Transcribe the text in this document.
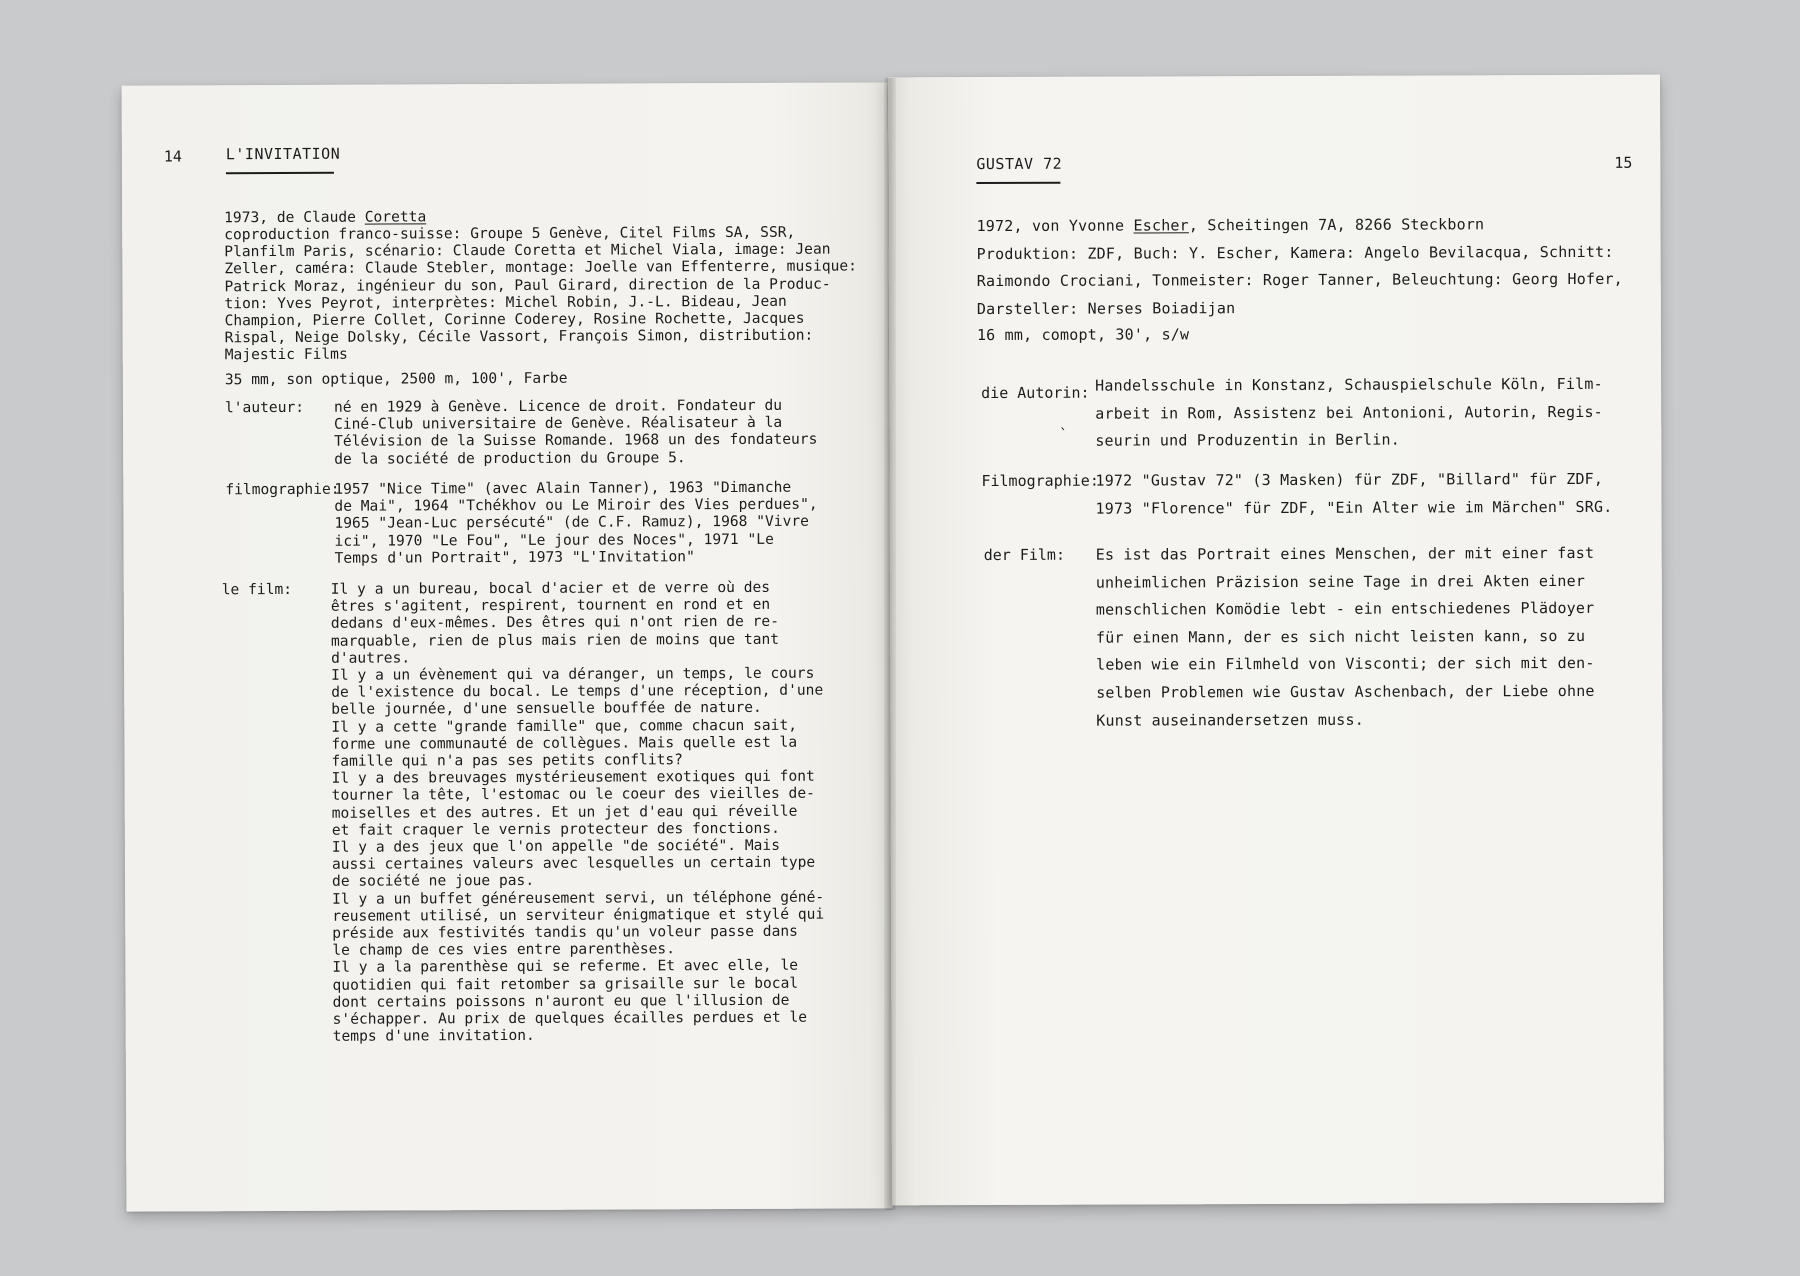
14	L'INVITATION
1973, de Claude Coretta
coproduction franco-suisse: Groupe 5 Genève, Citel Films SA, SSR,
Planfilm Paris, scénario: Claude Coretta et Michel Viala, image: Jean
Zeller, caméra: Claude Stebler, montage: Joelle van Effenterre, musique:
Patrick Moraz, ingénieur du son, Paul Girard, direction de la Produc-
tion: Yves Peyrot, interprètes: Michel Robin, J.-L. Bideau, Jean
Champion, Pierre Collet, Corinne Coderey, Rosine Rochette, Jacques
Rispal, Neige Dolsky, Cécile Vassort, François Simon, distribution:
Majestic Films
35 mm, son optique, 2500 m, 100', Farbe
l'auteur: né en 1929 à Genève. Licence de droit. Fondateur du
Ciné-Club universitaire de Genève. Réalisateur à la
Télévision de la Suisse Romande. 1968 un des fondateurs
de la société de production du Groupe 5.
filmographie:
1957 "Nice Time" (avec Alain Tanner), 1963 "Dimanche
de Mai", 1964 "Tchékhov ou Le Miroir des Vies perdues",
1965 "Jean-Luc persécuté" (de C.F. Ramuz), 1968 "Vivre
ici", 1970 "Le Fou", "Le jour des Noces", 1971 "Le
Temps d'un Portrait", 1973 "L'Invitation"
le film:	Il y a un bureau, bocal d'acier et de verre où des
êtres s'agitent, respirent, tournent en rond et en
dedans d'eux-mêmes. Des êtres qui n'ont rien de re-
marquable, rien de plus mais rien de moins que tant
d'autres.
Il y a un évènement qui va déranger, un temps, le cours
de l'existence du bocal. Le temps d'une réception, d'une
belle journée, d'une sensuelle bouffée de nature.
Il y a cette "grande famille" que, comme chacun sait,
forme une communauté de collègues. Mais quelle est la
famille qui n'a pas ses petits conflits?
Il y a des breuvages mystérieusement exotiques qui font
tourner la tête, l'estomac ou le coeur des vieilles de-
moiselles et des autres. Et un jet d'eau qui réveille
et fait craquer le vernis protecteur des fonctions.
Il y a des jeux que l'on appelle "de société". Mais
aussi certaines valeurs avec lesquelles un certain type
de société ne joue pas.
Il y a un buffet généreusement servi, un téléphone géné-
reusement utilisé, un serviteur énigmatique et stylé qui
préside aux festivités tandis qu'un voleur passe dans
le champ de ces vies entre parenthèses.
Il y a la parenthèse qui se referme. Et avec elle, le
quotidien qui fait retomber sa grisaille sur le bocal
dont certains poissons n'auront eu que l'illusion de
s'échapper. Au prix de quelques écailles perdues et le
temps d'une invitation.
GUSTAV 72	15
1972, von Yvonne Escher, Scheitingen 7A, 8266 Steckborn
Produktion: ZDF, Buch: Y. Escher, Kamera: Angelo Bevilacqua, Schnitt:
Raimondo Crociani, Tonmeister: Roger Tanner, Beleuchtung: Georg Hofer,
Darsteller: Nerses Boiadijan
16 mm, comopt, 30', s/w
die Autorin: Handelsschule in Konstanz, Schauspielschule Köln, Film-
arbeit in Rom, Assistenz bei Antonioni, Autorin, Regis-
seurin und Produzentin in Berlin.
`
Filmographie:
1972 "Gustav 72" (3 Masken) für ZDF, "Billard" für ZDF,
1973 "Florence" für ZDF, "Ein Alter wie im Märchen" SRG.
der Film: Es ist das Portrait eines Menschen, der mit einer fast
unheimlichen Präzision seine Tage in drei Akten einer
menschlichen Komödie lebt - ein entschiedenes Plädoyer
für einen Mann, der es sich nicht leisten kann, so zu
leben wie ein Filmheld von Visconti; der sich mit den-
selben Problemen wie Gustav Aschenbach, der Liebe ohne
Kunst auseinandersetzen muss.
